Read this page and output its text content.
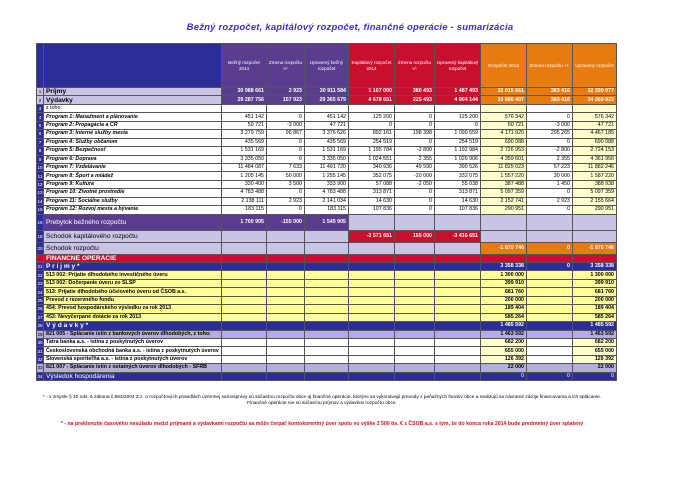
Bežný rozpočet, kapitálový rozpočet, finančné operácie - sumarizácia
		Bežný rozpočet 2014	Zmena rozpočtu +/-	Upravený bežný rozpočet	Kapitálový rozpočet 2014	Zmena rozpočtu +/-	Upravený kapitálový rozpočet	Rozpočet 2014	Zmena rozpočtu +/-	Upravený rozpočet
1	Príjmy	30 988 661	2 923	30 911 584	1 107 000	380 493	1 487 493	32 015 661	383 416	32 399 077
2	Výdavky	29 287 756	157 923	29 365 679	4 678 651	225 493	4 904 144	33 886 407	383 416	34 269 823
3	z toho:									
4	Program 1: Manažment a plánovanie	451 142	0	451 142	125 200	0	125 200	576 342	0	576 342
5	Program 2: Propagácia a CR	50 721	-3 000	47 721	0	0	0	50 721	-3 000	47 721
6	Program 3: Interné služby mesta	3 279 759	96 867	3 376 626	892 161	198 398	1 090 559	4 171 920	295 265	4 467 185
7	Program 4: Služby občanom	435 569	0	435 569	254 519	0	254 519	690 088	0	690 088
8	Program 5: Bezpečnosť	1 531 169	0	1 531 169	1 195 784	-2 800	1 192 984	2 726 953	-2 800	2 724 153
9	Program 6: Doprava	3 335 050	0	3 335 050	1 024 551	2 355	1 026 906	4 359 601	2 355	4 361 956
10	Program 7: Vzdelávanie	11 484 087	7 633	11 491 720	340 936	49 590	390 526	11 825 023	57 223	11 882 246
11	Program 8: Šport a mládež	1 205 145	50 000	1 255 145	352 075	-20 000	332 075	1 557 220	30 000	1 587 220
12	Program 9: Kultúra	330 400	3 500	333 900	57 088	-2 050	55 038	387 488	1 450	388 938
13	Program 10: Životné prostredie	4 783 488	0	4 783 488	313 871	0	313 871	5 097 359	0	5 097 359
14	Program 11: Sociálne služby	2 138 111	2 923	2 141 034	14 630	0	14 630	2 152 741	2 923	2 155 664
15	Program 12: Rozvoj mesta a bývanie	183 115	0	183 115	107 836	0	107 836	290 951	0	290 951
16	Prebytok bežného rozpočtu	1 700 905	-155 000	1 545 905						
18	Schodok kapitálového rozpočtu				-3 571 651	155 000	-3 416 651			
20	Schodok rozpočtu							-1 870 746	0	-1 870 746
	FINANČNÉ OPERÁCIE									
21	P r í j m y *							3 358 338	0	3 358 338
22	513 002: Prijatie dlhodobého investičného úveru							1 300 000		1 300 000
23	513 002: Dočerpanie úveru zo SLSP							399 910		399 910
24	513: Prijatie dlhodobého účelového úveru od ČSOB a.s.							681 760		681 760
25	Prevod z rezervného fondu							200 000		200 000
26	454: Prevod hospodárskeho výsledku za rok 2013							189 404		189 404
27	453: Nevyčerpané dotácie za rok 2013							585 264		585 264
28	V ý d a v k y *							1 485 592		1 485 592
29	821 005 - Splácanie istín z bankových úverov dlhodobých, z toho:							1 463 592		1 463 592
30	Tatra banka a.s. - istina z poskytnutých úverov							682 200		682 200
31	Československá obchodná banka a.s. - istina z poskytnutých úverov							655 000		655 000
32	Slovenská sporiteľňa a.s. - istina z poskytnutých úverov							126 392		126 392
33	821 007 - Splácanie istín z ostatných úverov dlhodobých - SFRB							22 000		22 000
34	Výsledok hospodárenia							0	0	0
* - v zmysle § 10 ods. 6 zákona č.583/2004 Z.z. o rozpočtových pravidlách územnej samosprávy sú súčasťou rozpočtu obce aj finančné operácie, ktorými sa vykonávajú prevody z peňažných fondov obce a realizujú sa návratné zdroje financovania a ich splácanie. Finančné operácie nie sú súčasťou príjmov a výdavkov rozpočtu obce.
* - na preklenutie časového nesúladu medzi príjmami a výdavkami rozpočtu sa môže čerpať kontokorentný úver spolu vo výške 2 500 tis. € z ČSOB a.s. s tým, že do konca roka 2014 bude predmetný úver splatený
